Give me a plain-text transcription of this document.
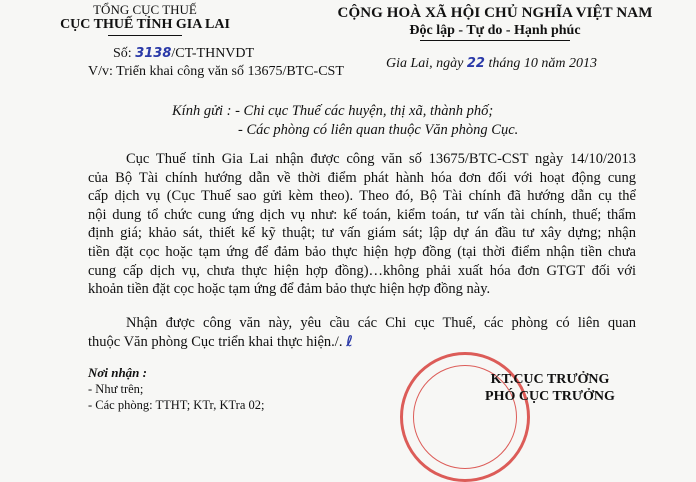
TỔNG CỤC THUẾ
CỤC THUẾ TỈNH GIA LAI
CỘNG HOÀ XÃ HỘI CHỦ NGHĨA VIỆT NAM
Độc lập - Tự do - Hạnh phúc
Số: 3138/CT-THNVDT
V/v: Triển khai công văn số 13675/BTC-CST
Gia Lai, ngày 22 tháng 10 năm 2013
Kính gửi : - Chi cục Thuế các huyện, thị xã, thành phố;
- Các phòng có liên quan thuộc Văn phòng Cục.
Cục Thuế tỉnh Gia Lai nhận được công văn số 13675/BTC-CST ngày 14/10/2013
của Bộ Tài chính hướng dẫn về thời điểm phát hành hóa đơn đối với hoạt động cung
cấp dịch vụ (Cục Thuế sao gửi kèm theo). Theo đó, Bộ Tài chính đã hướng dẫn cụ thể
nội dung tổ chức cung ứng dịch vụ như: kế toán, kiểm toán, tư vấn tài chính, thuế; thẩm
định giá; khảo sát, thiết kế kỹ thuật; tư vấn giám sát; lập dự án đầu tư xây dựng; nhận
tiền đặt cọc hoặc tạm ứng để đảm bảo thực hiện hợp đồng (tại thời điểm nhận tiền chưa
cung cấp dịch vụ, chưa thực hiện hợp đồng)…không phải xuất hóa đơn GTGT đối với
khoản tiền đặt cọc hoặc tạm ứng để đảm bảo thực hiện hợp đồng này.
Nhận được công văn này, yêu cầu các Chi cục Thuế, các phòng có liên quan
thuộc Văn phòng Cục triển khai thực hiện./. ℓ
Nơi nhận :
- Như trên;
- Các phòng: TTHT; KTr, KTra 02;
KT.CỤC TRƯỞNG
PHÓ CỤC TRƯỞNG
